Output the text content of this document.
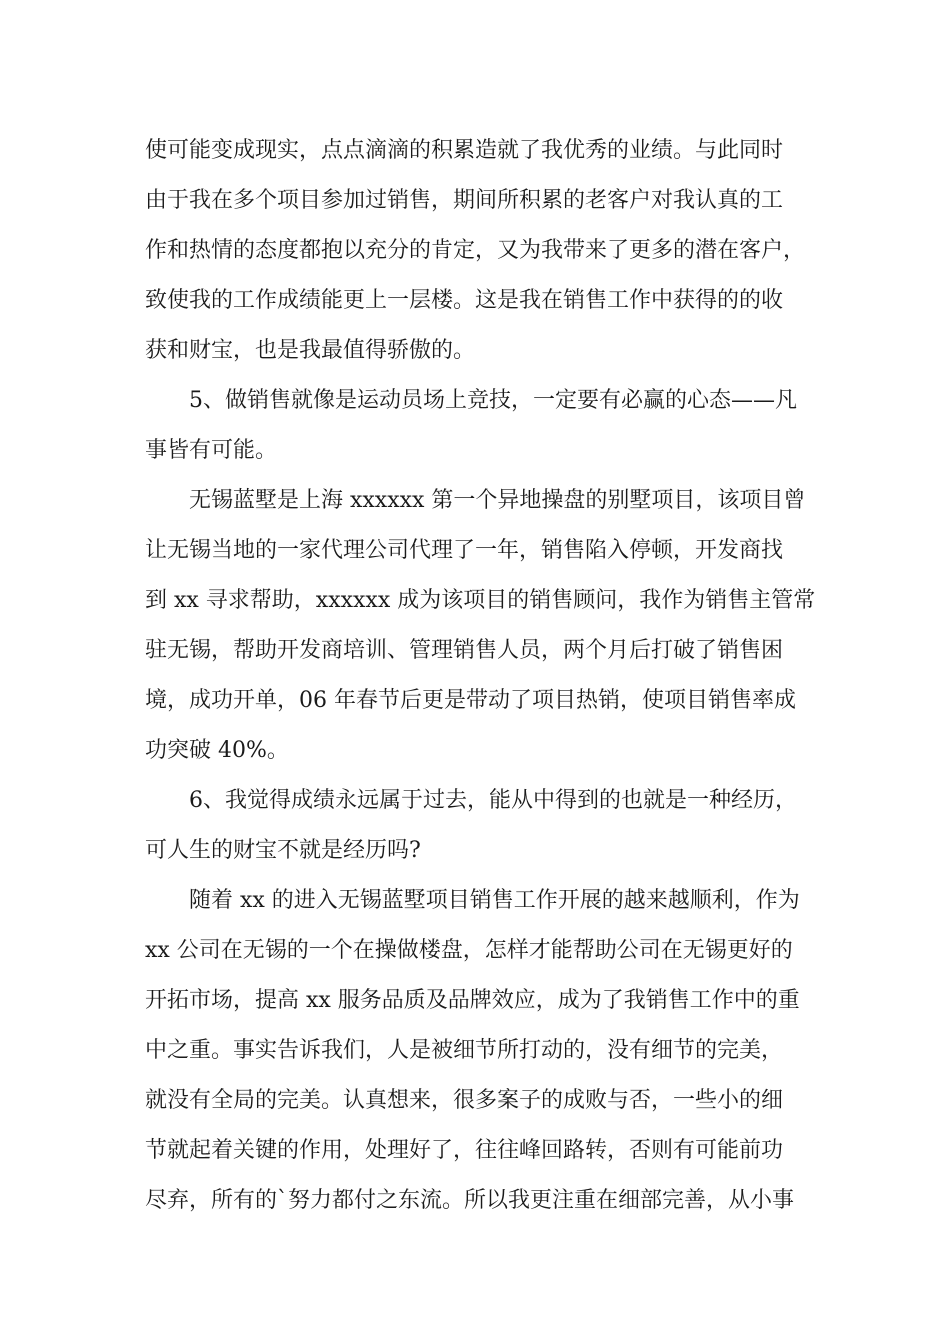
使可能变成现实，点点滴滴的积累造就了我优秀的业绩。与此同时
由于我在多个项目参加过销售，期间所积累的老客户对我认真的工
作和热情的态度都抱以充分的肯定，又为我带来了更多的潜在客户，
致使我的工作成绩能更上一层楼。这是我在销售工作中获得的的收
获和财宝，也是我最值得骄傲的。
5、做销售就像是运动员场上竞技，一定要有必赢的心态——凡
事皆有可能。
无锡蓝墅是上海 xxxxxx 第一个异地操盘的别墅项目，该项目曾
让无锡当地的一家代理公司代理了一年，销售陷入停顿，开发商找
到 xx 寻求帮助，xxxxxx 成为该项目的销售顾问，我作为销售主管常
驻无锡，帮助开发商培训、管理销售人员，两个月后打破了销售困
境，成功开单，06 年春节后更是带动了项目热销，使项目销售率成
功突破 40%。
6、我觉得成绩永远属于过去，能从中得到的也就是一种经历，
可人生的财宝不就是经历吗?
随着 xx 的进入无锡蓝墅项目销售工作开展的越来越顺利，作为
xx 公司在无锡的一个在操做楼盘，怎样才能帮助公司在无锡更好的
开拓市场，提高 xx 服务品质及品牌效应，成为了我销售工作中的重
中之重。事实告诉我们，人是被细节所打动的，没有细节的完美，
就没有全局的完美。认真想来，很多案子的成败与否，一些小的细
节就起着关键的作用，处理好了，往往峰回路转，否则有可能前功
尽弃，所有的`努力都付之东流。所以我更注重在细部完善，从小事
